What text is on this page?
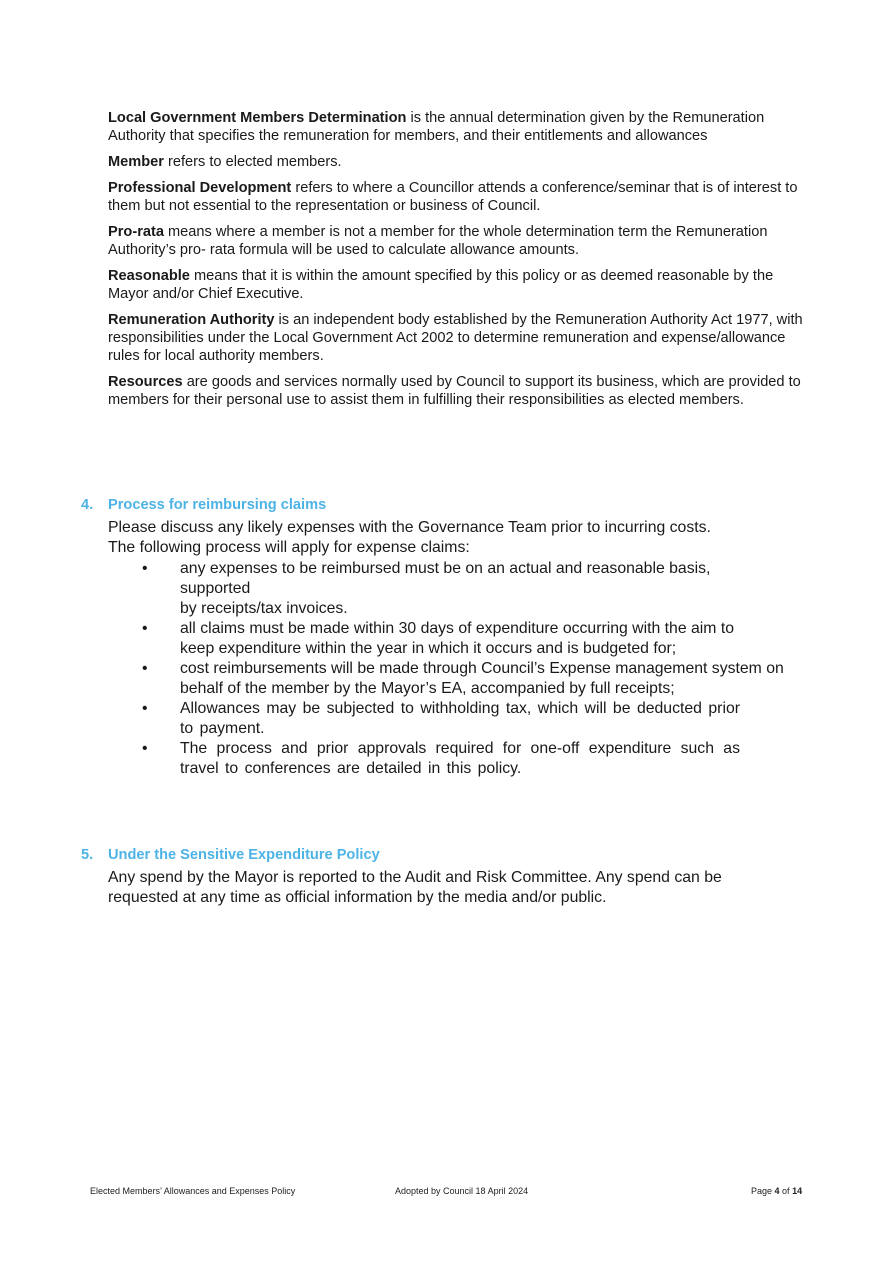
Local Government Members Determination is the annual determination given by the Remuneration Authority that specifies the remuneration for members, and their entitlements and allowances

Member refers to elected members.

Professional Development refers to where a Councillor attends a conference/seminar that is of interest to them but not essential to the representation or business of Council.

Pro-rata means where a member is not a member for the whole determination term the Remuneration Authority’s pro- rata formula will be used to calculate allowance amounts.

Reasonable means that it is within the amount specified by this policy or as deemed reasonable by the Mayor and/or Chief Executive.

Remuneration Authority is an independent body established by the Remuneration Authority Act 1977, with responsibilities under the Local Government Act 2002 to determine remuneration and expense/allowance rules for local authority members.

Resources are goods and services normally used by Council to support its business, which are provided to members for their personal use to assist them in fulfilling their responsibilities as elected members.

4.	Process for reimbursing claims
Please discuss any likely expenses with the Governance Team prior to incurring costs.
The following process will apply for expense claims:
• any expenses to be reimbursed must be on an actual and reasonable basis, supported
by receipts/tax invoices.
• all claims must be made within 30 days of expenditure occurring with the aim to keep expenditure within the year in which it occurs and is budgeted for;
• cost reimbursements will be made through Council’s Expense management system on
behalf of the member by the Mayor’s EA, accompanied by full receipts;
• Allowances may be subjected to withholding tax, which will be deducted prior to payment.
• The process and prior approvals required for one-off expenditure such as travel to conferences are detailed in this policy.
5.	Under the Sensitive Expenditure Policy
Any spend by the Mayor is reported to the Audit and Risk Committee. Any spend can be requested at any time as official information by the media and/or public.
Elected Members’ Allowances and Expenses Policy	Adopted by Council 18 April 2024	Page 4 of 14
